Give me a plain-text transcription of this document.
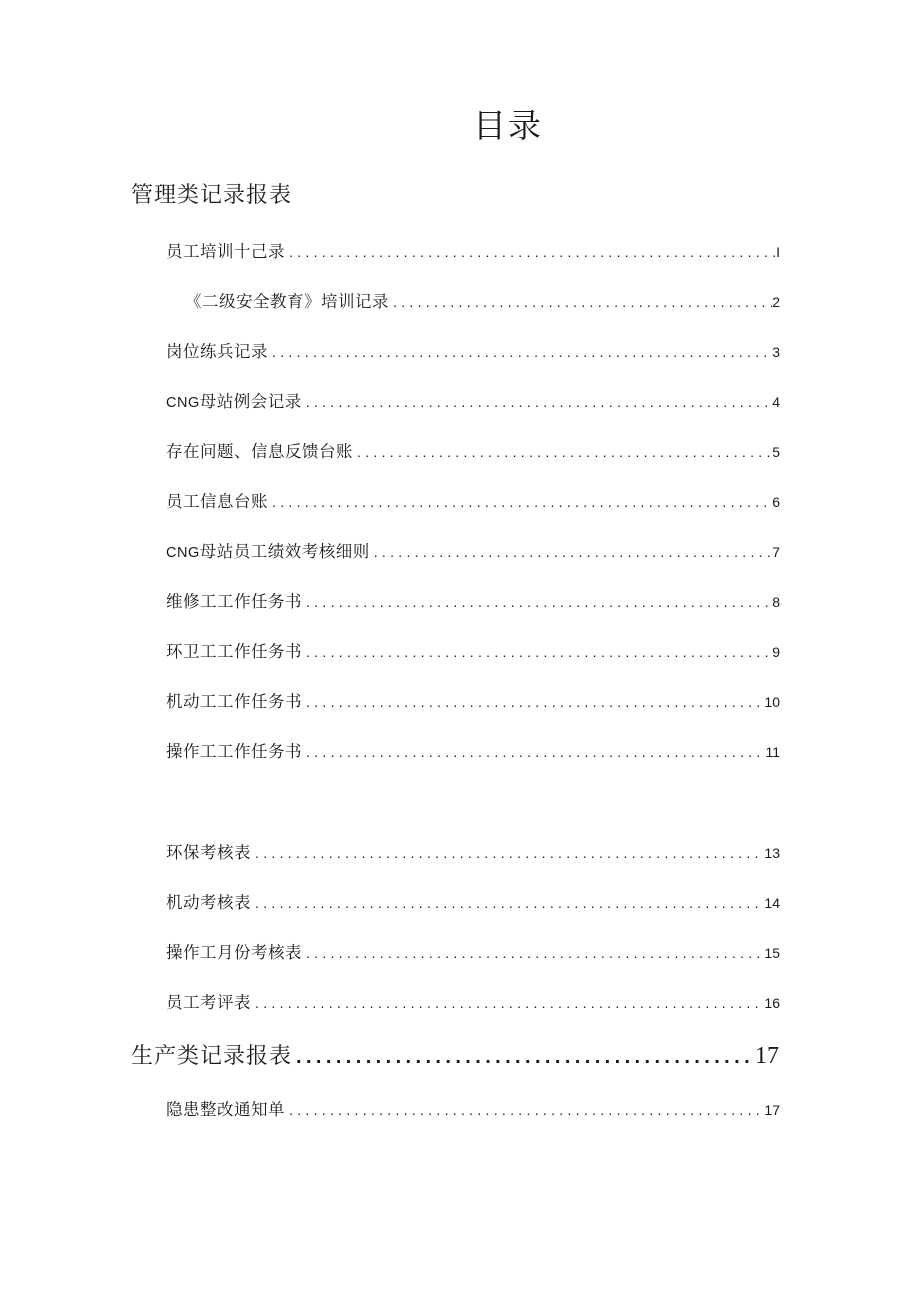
目录
管理类记录报表
员工培训十己录 .....	I
《二级安全教育》培训记录 .....	2
岗位练兵记录 .....	3
CNG母站例会记录 .....	4
存在问题、信息反馈台账 .....	5
员工信息台账 .....	6
CNG母站员工绩效考核细则 .....	7
维修工工作任务书 .....	8
环卫工工作任务书 .....	9
机动工工作任务书 .....	10
操作工工作任务书 .....	11
环保考核表 .....	13
机动考核表 .....	14
操作工月份考核表 .....	15
员工考评表 .....	16
生产类记录报表 .....	17
隐患整改通知单 .....	17
